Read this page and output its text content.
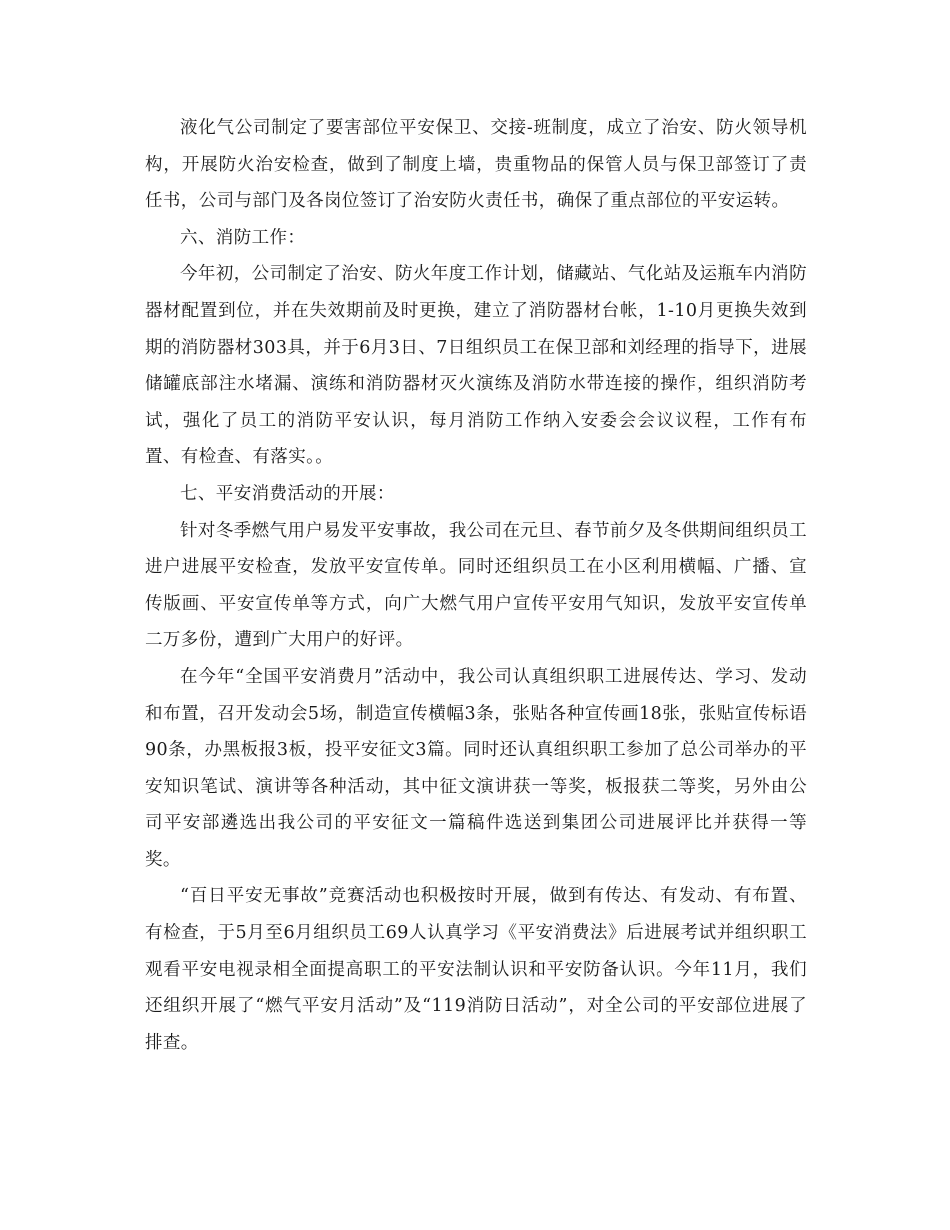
液化气公司制定了要害部位平安保卫、交接-班制度，成立了治安、防火领导机构，开展防火治安检查，做到了制度上墙，贵重物品的保管人员与保卫部签订了责任书，公司与部门及各岗位签订了治安防火责任书，确保了重点部位的平安运转。

六、消防工作：

今年初，公司制定了治安、防火年度工作计划，储藏站、气化站及运瓶车内消防器材配置到位，并在失效期前及时更换，建立了消防器材台帐，1-10月更换失效到期的消防器材303具，并于6月3日、7日组织员工在保卫部和刘经理的指导下，进展储罐底部注水堵漏、演练和消防器材灭火演练及消防水带连接的操作，组织消防考试，强化了员工的消防平安认识，每月消防工作纳入安委会会议议程，工作有布置、有检查、有落实。。

七、平安消费活动的开展：

针对冬季燃气用户易发平安事故，我公司在元旦、春节前夕及冬供期间组织员工进户进展平安检查，发放平安宣传单。同时还组织员工在小区利用横幅、广播、宣传版画、平安宣传单等方式，向广大燃气用户宣传平安用气知识，发放平安宣传单二万多份，遭到广大用户的好评。

在今年“全国平安消费月”活动中，我公司认真组织职工进展传达、学习、发动和布置，召开发动会5场，制造宣传横幅3条，张贴各种宣传画18张，张贴宣传标语90条，办黑板报3板，投平安征文3篇。同时还认真组织职工参加了总公司举办的平安知识笔试、演讲等各种活动，其中征文演讲获一等奖，板报获二等奖，另外由公司平安部遴选出我公司的平安征文一篇稿件选送到集团公司进展评比并获得一等奖。

“百日平安无事故”竞赛活动也积极按时开展，做到有传达、有发动、有布置、有检查，于5月至6月组织员工69人认真学习《平安消费法》后进展考试并组织职工观看平安电视录相全面提高职工的平安法制认识和平安防备认识。今年11月，我们还组织开展了“燃气平安月活动”及“119消防日活动”，对全公司的平安部位进展了排查。
